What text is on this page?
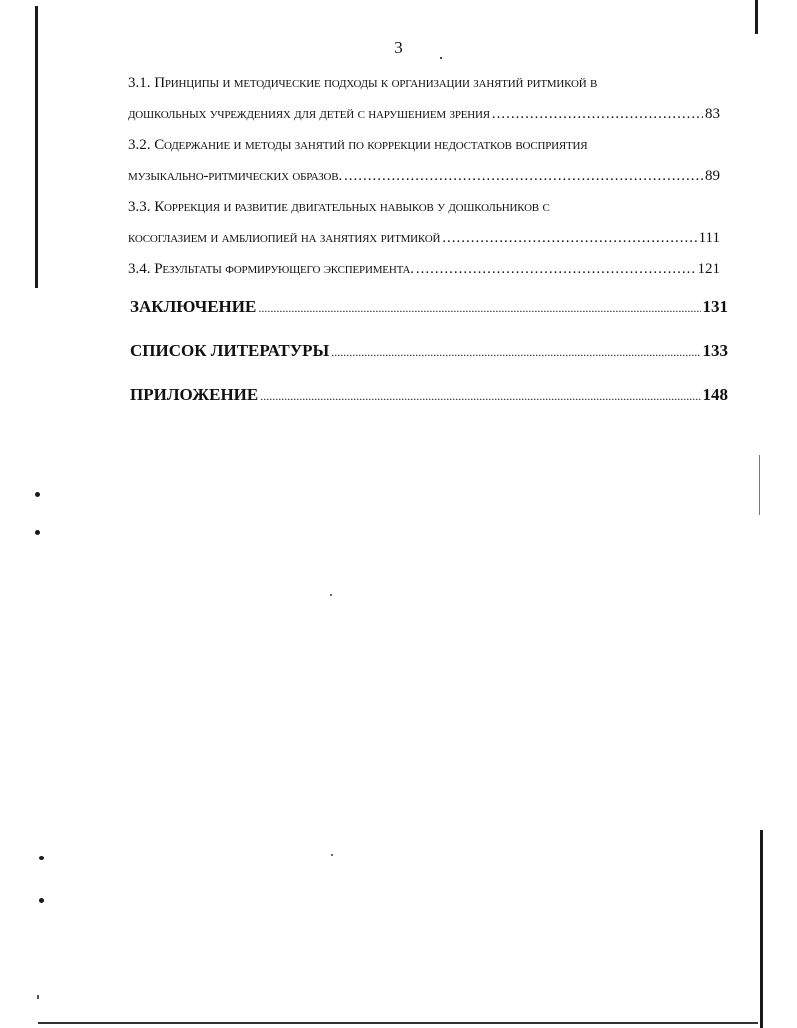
3
3.1.
Принципы и методические подходы к организации занятий ритмикой в
дошкольных учреждениях для детей с нарушением зрения .....	83
3.2.
Содержание и методы занятий по коррекции недостатков восприятия
музыкально-ритмических образов. .....	89
3.3.
Коррекция и развитие двигательных навыков у дошкольников с
косоглазием и амблиопией на занятиях ритмикой .....	111
3.4.
Результаты формирующего эксперимента. .....	121
ЗАКЛЮЧЕНИЕ .....	131
СПИСОК ЛИТЕРАТУРЫ .....	133
ПРИЛОЖЕНИЕ .....	148
